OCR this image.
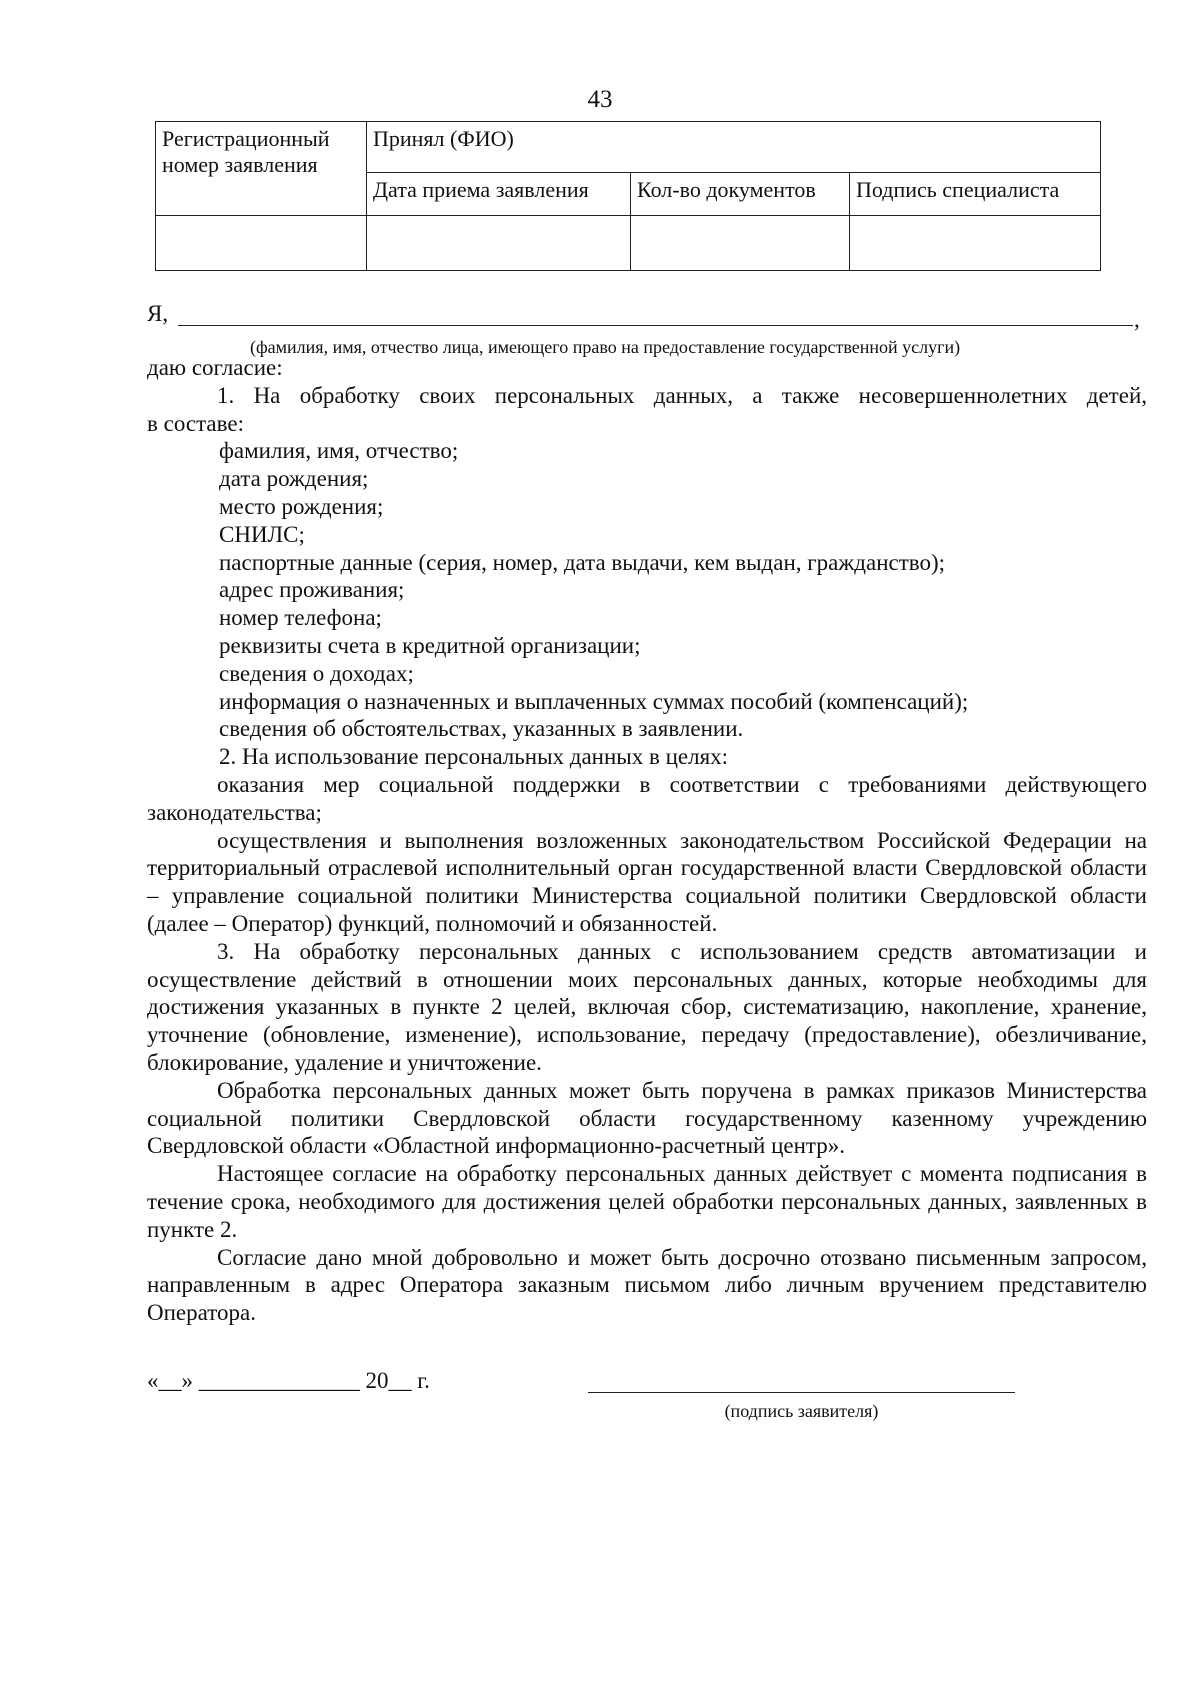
43
Регистрационный номер заявления	Принял (ФИО)		
	Дата приема заявления	Кол-во документов	Подпись специалиста

Я,	,
(фамилия, имя, отчество лица, имеющего право на предоставление государственной услуги)

даю согласие:

1. На обработку своих персональных данных, а также несовершеннолетних детей,

в составе:

фамилия, имя, отчество;
дата рождения;
место рождения;
СНИЛС;
паспортные данные (серия, номер, дата выдачи, кем выдан, гражданство);
адрес проживания;
номер телефона;
реквизиты счета в кредитной организации;
сведения о доходах;
информация о назначенных и выплаченных суммах пособий (компенсаций);
сведения об обстоятельствах, указанных в заявлении.
2. На использование персональных данных в целях:

оказания мер социальной поддержки в соответствии с требованиями действующего

законодательства;

осуществления и выполнения возложенных законодательством Российской Федерации на территориальный отраслевой исполнительный орган государственной власти Свердловской области – управление социальной политики Министерства социальной политики Свердловской области (далее – Оператор) функций, полномочий и обязанностей.

3. На обработку персональных данных с использованием средств автоматизации и осуществление действий в отношении моих персональных данных, которые необходимы для достижения указанных в пункте 2 целей, включая сбор, систематизацию, накопление, хранение, уточнение (обновление, изменение), использование, передачу (предоставление), обезличивание, блокирование, удаление и уничтожение.

Обработка персональных данных может быть поручена в рамках приказов Министерства социальной политики Свердловской области государственному казенному учреждению Свердловской области «Областной информационно-расчетный центр».

Настоящее согласие на обработку персональных данных действует с момента подписания в течение срока, необходимого для достижения целей обработки персональных данных, заявленных в пункте 2.

Согласие дано мной добровольно и может быть досрочно отозвано письменным запросом, направленным в адрес Оператора заказным письмом либо личным вручением представителю Оператора.

«__» ______________ 20__ г.
(подпись заявителя)
